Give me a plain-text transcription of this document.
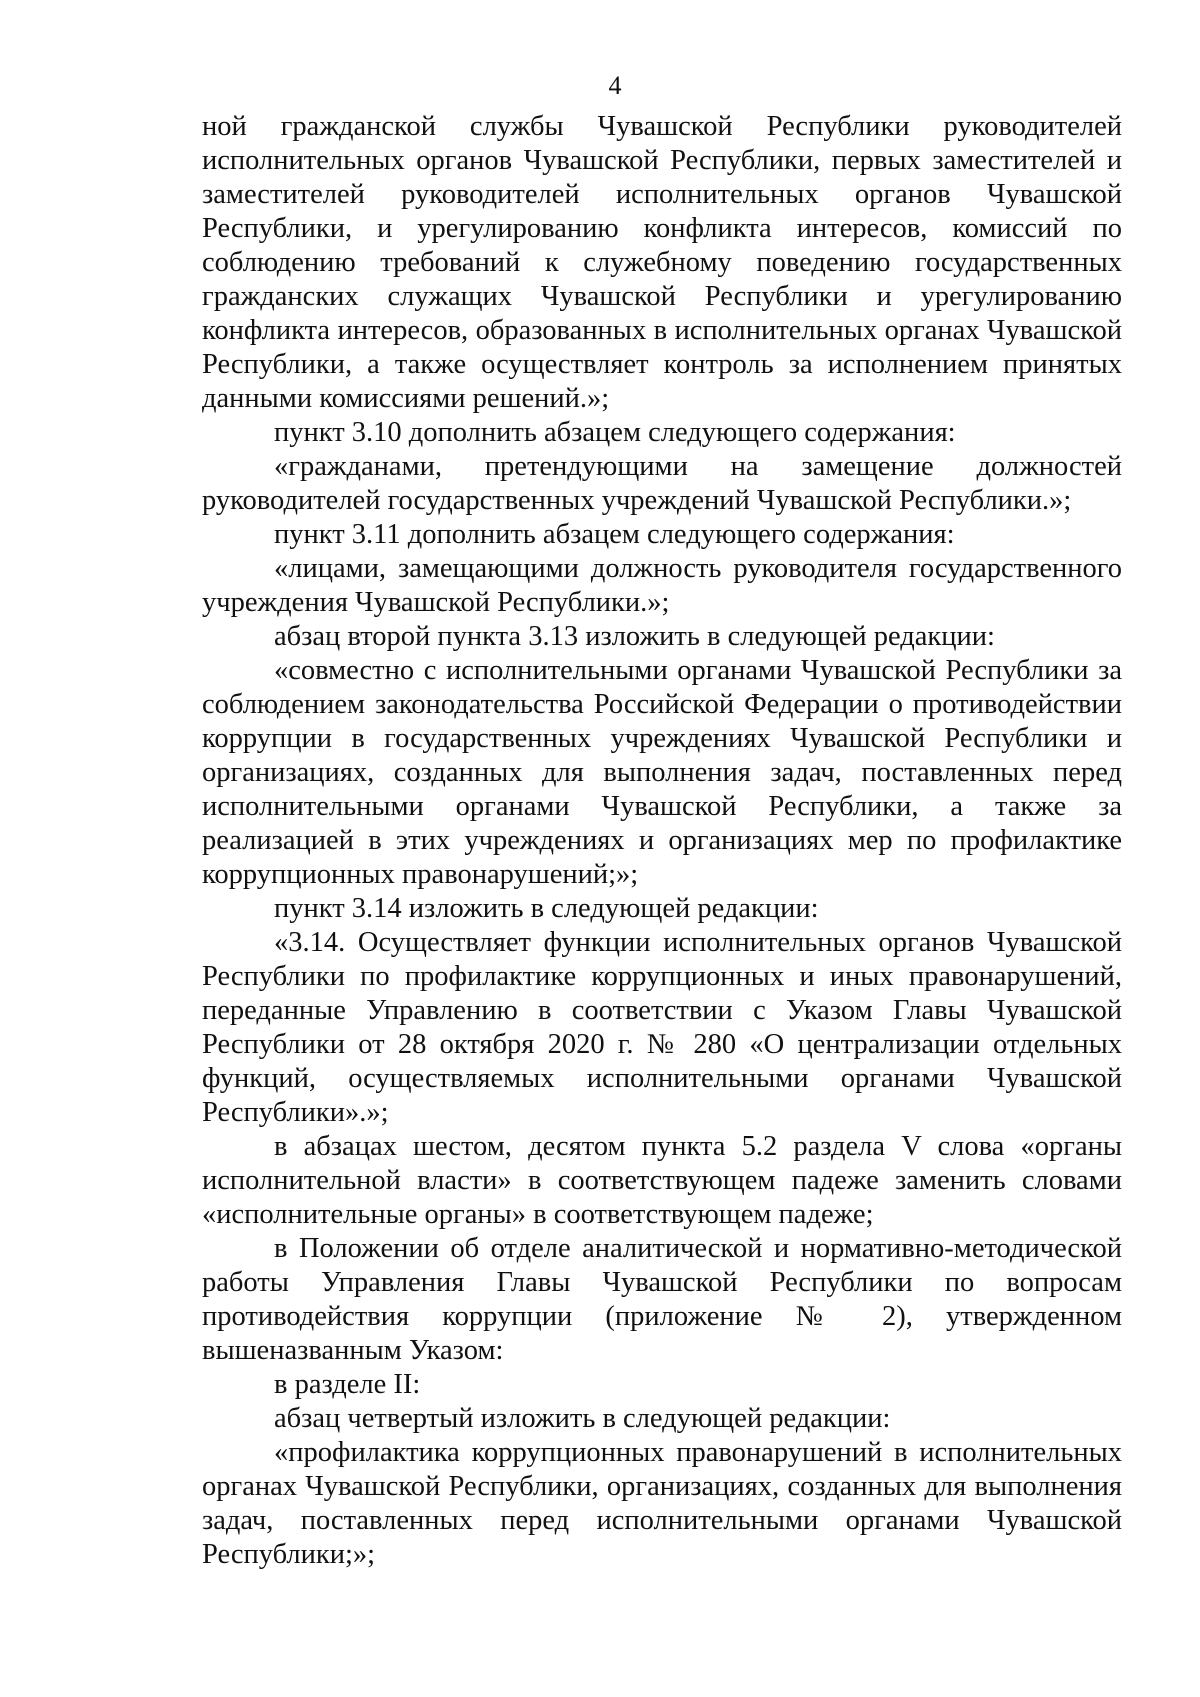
4

ной гражданской службы Чувашской Республики руководителей исполнительных органов Чувашской Республики, первых заместителей и заместителей руководителей исполнительных органов Чувашской Республики, и урегулированию конфликта интересов, комиссий по соблюдению требований к служебному поведению государственных гражданских служащих Чувашской Республики и урегулированию конфликта интересов, образованных в исполнительных органах Чувашской Республики, а также осуществляет контроль за исполнением принятых данными комиссиями решений.»;

пункт 3.10 дополнить абзацем следующего содержания:

«гражданами, претендующими на замещение должностей руководителей государственных учреждений Чувашской Республики.»;

пункт 3.11 дополнить абзацем следующего содержания:

«лицами, замещающими должность руководителя государственного учреждения Чувашской Республики.»;

абзац второй пункта 3.13 изложить в следующей редакции:

«совместно с исполнительными органами Чувашской Республики за соблюдением законодательства Российской Федерации о противодействии коррупции в государственных учреждениях Чувашской Республики и организациях, созданных для выполнения задач, поставленных перед исполнительными органами Чувашской Республики, а также за реализацией в этих учреждениях и организациях мер по профилактике коррупционных правонарушений;»;

пункт 3.14 изложить в следующей редакции:

«3.14. Осуществляет функции исполнительных органов Чувашской Республики по профилактике коррупционных и иных правонарушений, переданные Управлению в соответствии с Указом Главы Чувашской Республики от 28 октября 2020 г. № 280 «О централизации отдельных функций, осуществляемых исполнительными органами Чувашской Республики».»;

в абзацах шестом, десятом пункта 5.2 раздела V слова «органы исполнительной власти» в соответствующем падеже заменить словами «исполнительные органы» в соответствующем падеже;

в Положении об отделе аналитической и нормативно-методической работы Управления Главы Чувашской Республики по вопросам противодействия коррупции (приложение № 2), утвержденном вышеназванным Указом:

в разделе II:

абзац четвертый изложить в следующей редакции:

«профилактика коррупционных правонарушений в исполнительных органах Чувашской Республики, организациях, созданных для выполнения задач, поставленных перед исполнительными органами Чувашской Республики;»;
